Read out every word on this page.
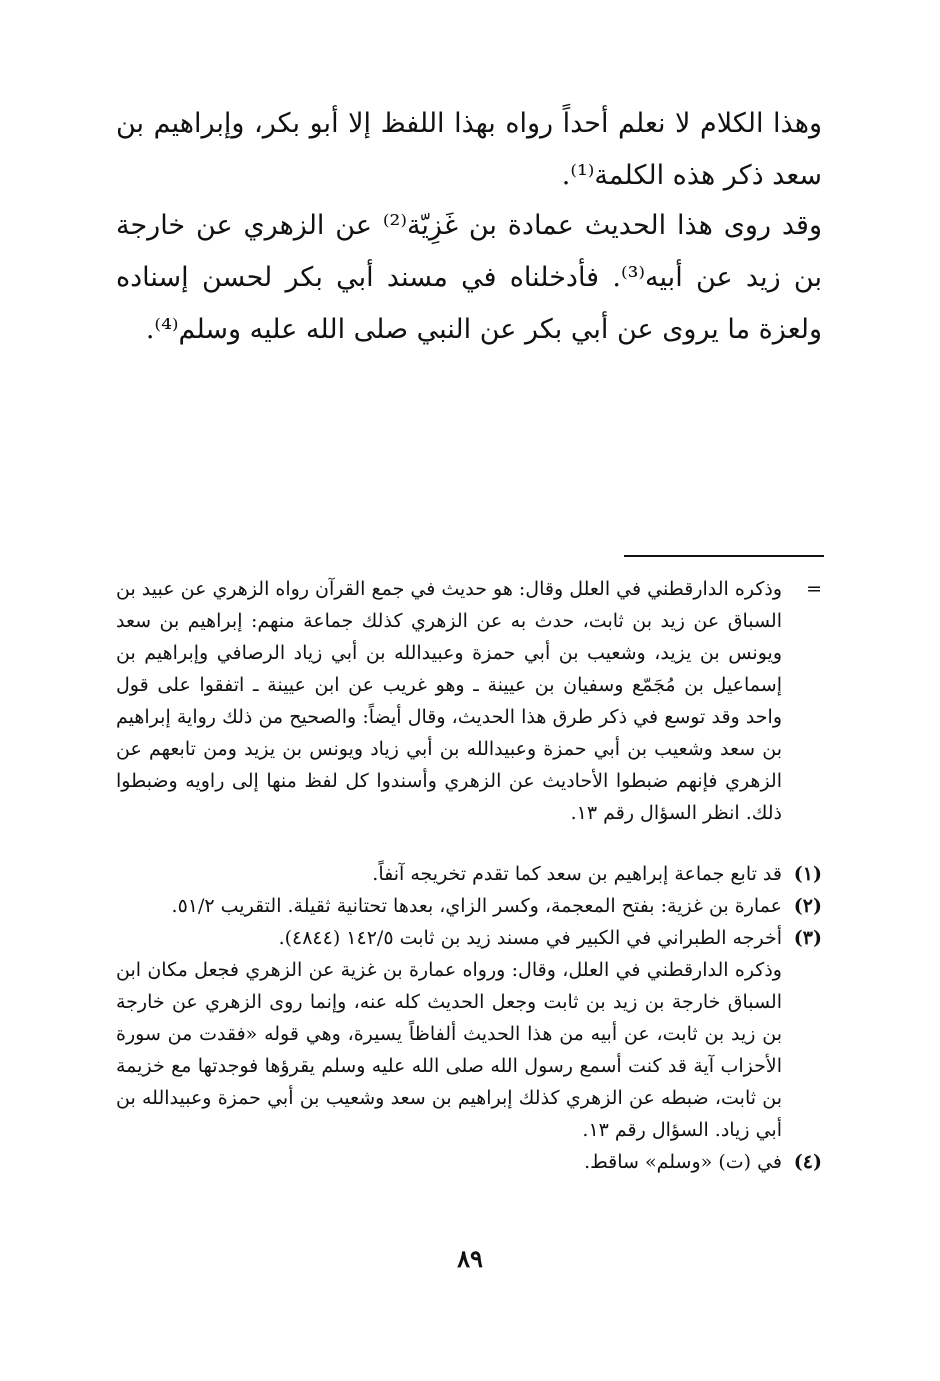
وهذا الكلام لا نعلم أحداً رواه بهذا اللفظ إلا أبو بكر، وإبراهيم بن سعد ذكر هذه الكلمة⁽¹⁾.

وقد روى هذا الحديث عمادة بن غَزِيّة⁽²⁾ عن الزهري عن خارجة بن زيد عن أبيه⁽³⁾. فأدخلناه في مسند أبي بكر لحسن إسناده ولعزة ما يروى عن أبي بكر عن النبي صلى الله عليه وسلم⁽⁴⁾.

=
وذكره الدارقطني في العلل وقال: هو حديث في جمع القرآن رواه الزهري عن عبيد بن السباق عن زيد بن ثابت، حدث به عن الزهري كذلك جماعة منهم: إبراهيم بن سعد ويونس بن يزيد، وشعيب بن أبي حمزة وعبيدالله بن أبي زياد الرصافي وإبراهيم بن إسماعيل بن مُجَمّع وسفيان بن عيينة ـ وهو غريب عن ابن عيينة ـ اتفقوا على قول واحد وقد توسع في ذكر طرق هذا الحديث، وقال أيضاً: والصحيح من ذلك رواية إبراهيم بن سعد وشعيب بن أبي حمزة وعبيدالله بن أبي زياد ويونس بن يزيد ومن تابعهم عن الزهري فإنهم ضبطوا الأحاديث عن الزهري وأسندوا كل لفظ منها إلى راويه وضبطوا ذلك. انظر السؤال رقم ١٣.
(١)
قد تابع جماعة إبراهيم بن سعد كما تقدم تخريجه آنفاً.
(٢)
عمارة بن غزية: بفتح المعجمة، وكسر الزاي، بعدها تحتانية ثقيلة. التقريب ٥١/٢.
(٣)
أخرجه الطبراني في الكبير في مسند زيد بن ثابت ١٤٢/٥ (٤٨٤٤).
وذكره الدارقطني في العلل، وقال: ورواه عمارة بن غزية عن الزهري فجعل مكان ابن السباق خارجة بن زيد بن ثابت وجعل الحديث كله عنه، وإنما روى الزهري عن خارجة بن زيد بن ثابت، عن أبيه من هذا الحديث ألفاظاً يسيرة، وهي قوله «فقدت من سورة الأحزاب آية قد كنت أسمع رسول الله صلى الله عليه وسلم يقرؤها فوجدتها مع خزيمة بن ثابت، ضبطه عن الزهري كذلك إبراهيم بن سعد وشعيب بن أبي حمزة وعبيدالله بن أبي زياد. السؤال رقم ١٣.
(٤)
في (ت) «وسلم» ساقط.
٨٩
